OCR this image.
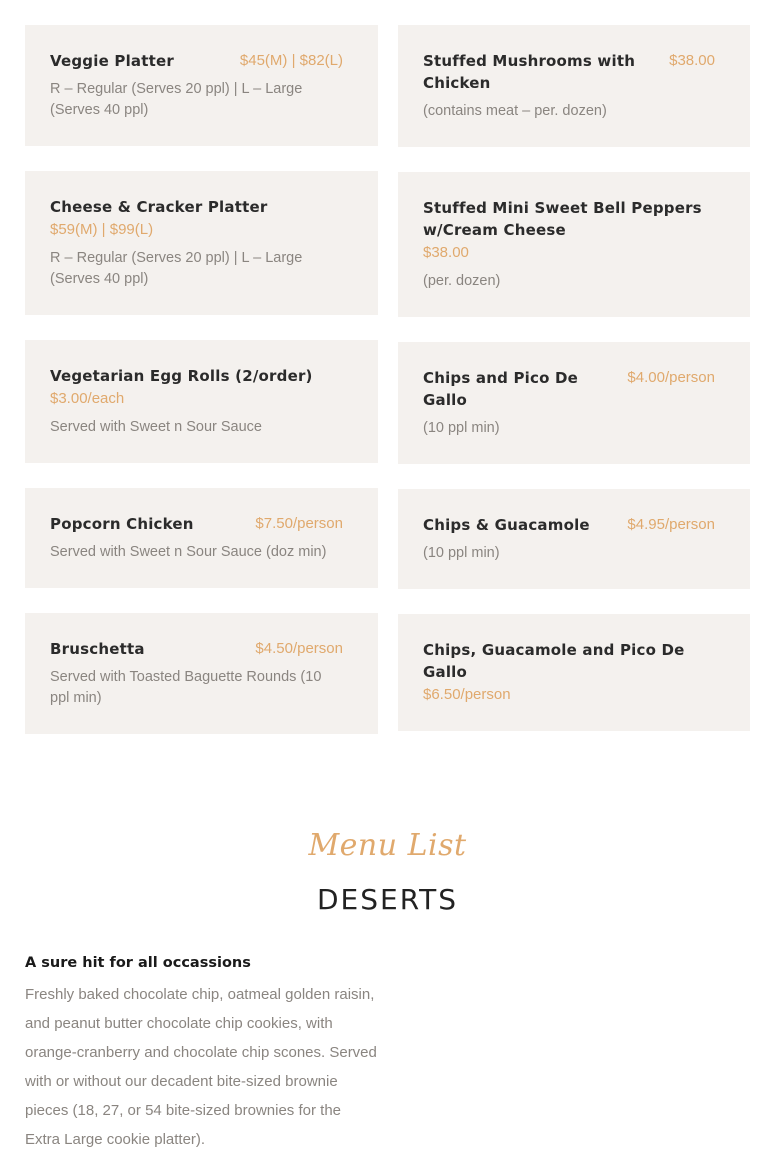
Veggie Platter	$45(M) | $82(L)
R – Regular (Serves 20 ppl) | L – Large (Serves 40 ppl)
Cheese & Cracker Platter
$59(M) | $99(L)
R – Regular (Serves 20 ppl) | L – Large (Serves 40 ppl)
Vegetarian Egg Rolls (2/order)
$3.00/each
Served with Sweet n Sour Sauce
Popcorn Chicken	$7.50/person
Served with Sweet n Sour Sauce (doz min)
Bruschetta	$4.50/person
Served with Toasted Baguette Rounds (10 ppl min)
Stuffed Mushrooms with Chicken
$38.00
(contains meat – per. dozen)
Stuffed Mini Sweet Bell Peppers w/Cream Cheese
$38.00
(per. dozen)
Chips and Pico De Gallo
$4.00/person
(10 ppl min)
Chips & Guacamole	$4.95/person
(10 ppl min)
Chips, Guacamole and Pico De Gallo
$6.50/person
Menu List
DESERTS
A sure hit for all occassions
Freshly baked chocolate chip, oatmeal golden raisin, and peanut butter chocolate chip cookies, with orange-cranberry and chocolate chip scones. Served with or without our decadent bite-sized brownie pieces (18, 27, or 54 bite-sized brownies for the Extra Large cookie platter).
